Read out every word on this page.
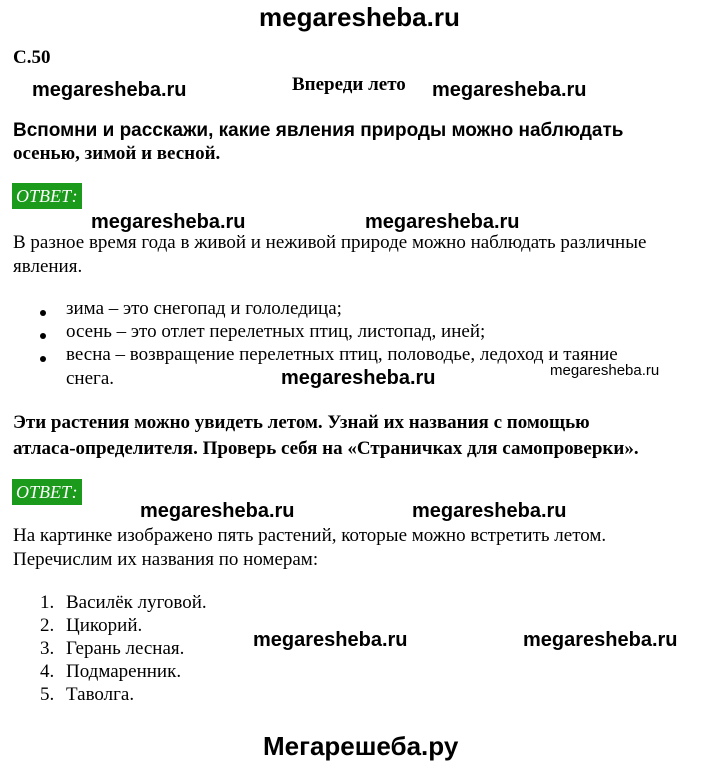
megaresheba.ru
С.50
megaresheba.ru	Впереди лето megaresheba.ru
Вспомни и расскажи, какие явления природы можно наблюдать
осенью, зимой и весной.
ОТВЕТ:
megaresheba.ru	megaresheba.ru
В разное время года в живой и неживой природе можно наблюдать различные
явления.
зима – это снегопад и гололедица;
осень – это отлет перелетных птиц, листопад, иней;
весна – возвращение перелетных птиц, половодье, ледоход и таяние
снега.	megaresheba.ru	megaresheba.ru
Эти растения можно увидеть летом. Узнай их названия с помощью
атласа-определителя. Проверь себя на «Страничках для самопроверки».
ОТВЕТ:
megaresheba.ru	megaresheba.ru
На картинке изображено пять растений, которые можно встретить летом.
Перечислим их названия по номерам:
1. Василёк луговой.
2. Цикорий.
3. Герань лесная.
4. Подмаренник.
5. Таволга.
megaresheba.ru	megaresheba.ru
Мегарешеба.ру
